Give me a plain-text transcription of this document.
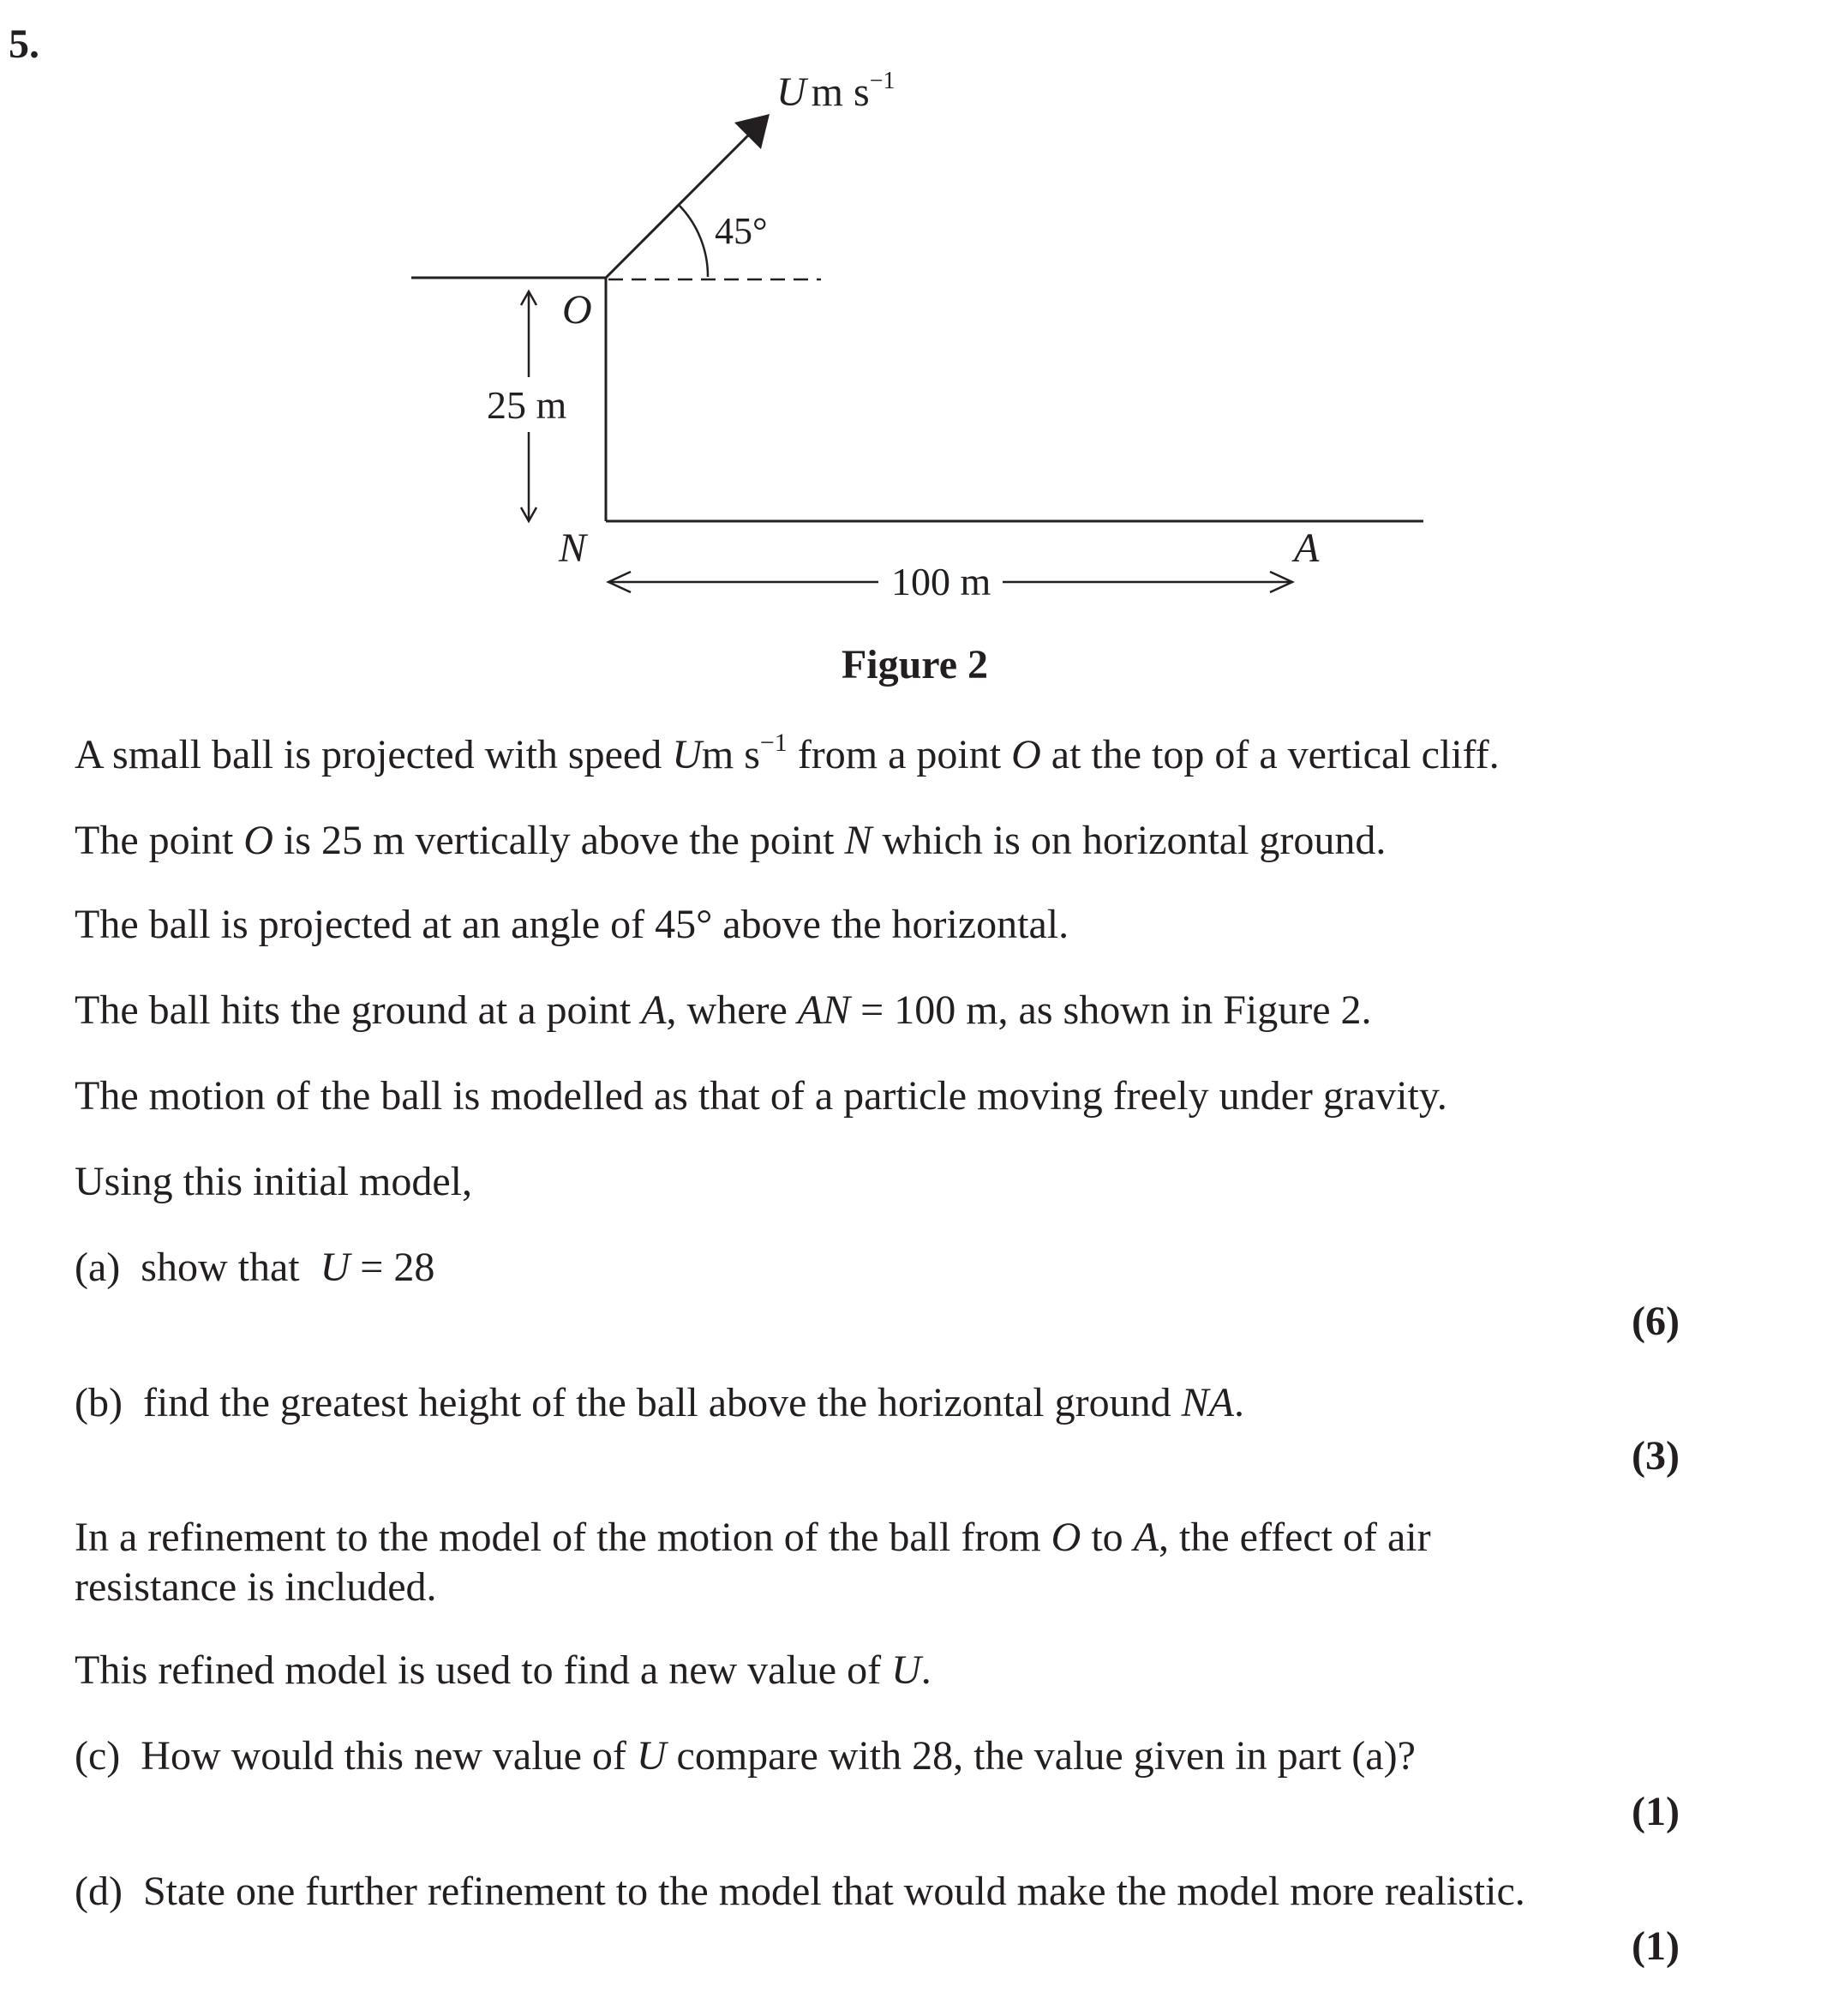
5.
U m $s^{-1}$
45°
O
25 m
N	A
100 m
Figure 2
A small ball is projected with speed Um $s^{-1}$ from a point O at the top of a vertical cliff.
The point O is 25 m vertically above the point N which is on horizontal ground.
The ball is projected at an angle of 45° above the horizontal.
The ball hits the ground at a point A, where AN = 100 m, as shown in Figure 2.
The motion of the ball is modelled as that of a particle moving freely under gravity.
Using this initial model,
(a)  show that  U = 28
(6)
(b)  find the greatest height of the ball above the horizontal ground NA.
(3)
In a refinement to the model of the motion of the ball from O to A, the effect of air
resistance is included.
This refined model is used to find a new value of U.
(c)  How would this new value of U compare with 28, the value given in part (a)?
(1)
(d)  State one further refinement to the model that would make the model more realistic.
(1)
